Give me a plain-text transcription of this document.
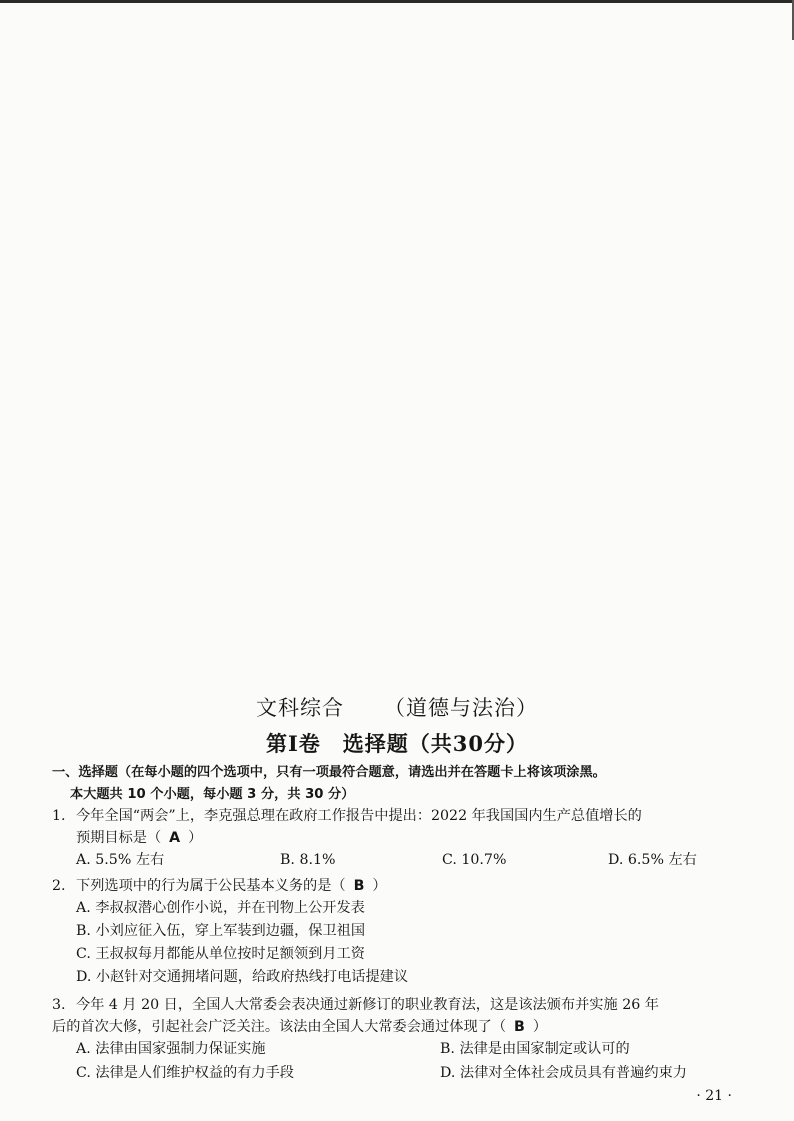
文科综合 （道德与法治）
第Ⅰ卷　选择题（共30分）
一、选择题（在每小题的四个选项中，只有一项最符合题意，请选出并在答题卡上将该项涂黑。
本大题共 10 个小题，每小题 3 分，共 30 分）
1. 今年全国“两会”上，李克强总理在政府工作报告中提出：2022 年我国国内生产总值增长的
预期目标是（ A ）
A. 5.5% 左右	B. 8.1%	C. 10.7%	D. 6.5% 左右
2. 下列选项中的行为属于公民基本义务的是（ B ）
A. 李叔叔潜心创作小说，并在刊物上公开发表
B. 小刘应征入伍，穿上军装到边疆，保卫祖国
C. 王叔叔每月都能从单位按时足额领到月工资
D. 小赵针对交通拥堵问题，给政府热线打电话提建议
3. 今年 4 月 20 日，全国人大常委会表决通过新修订的职业教育法，这是该法颁布并实施 26 年
后的首次大修，引起社会广泛关注。该法由全国人大常委会通过体现了（ B ）
A. 法律由国家强制力保证实施	B. 法律是由国家制定或认可的
C. 法律是人们维护权益的有力手段	D. 法律对全体社会成员具有普遍约束力
· 21 ·
